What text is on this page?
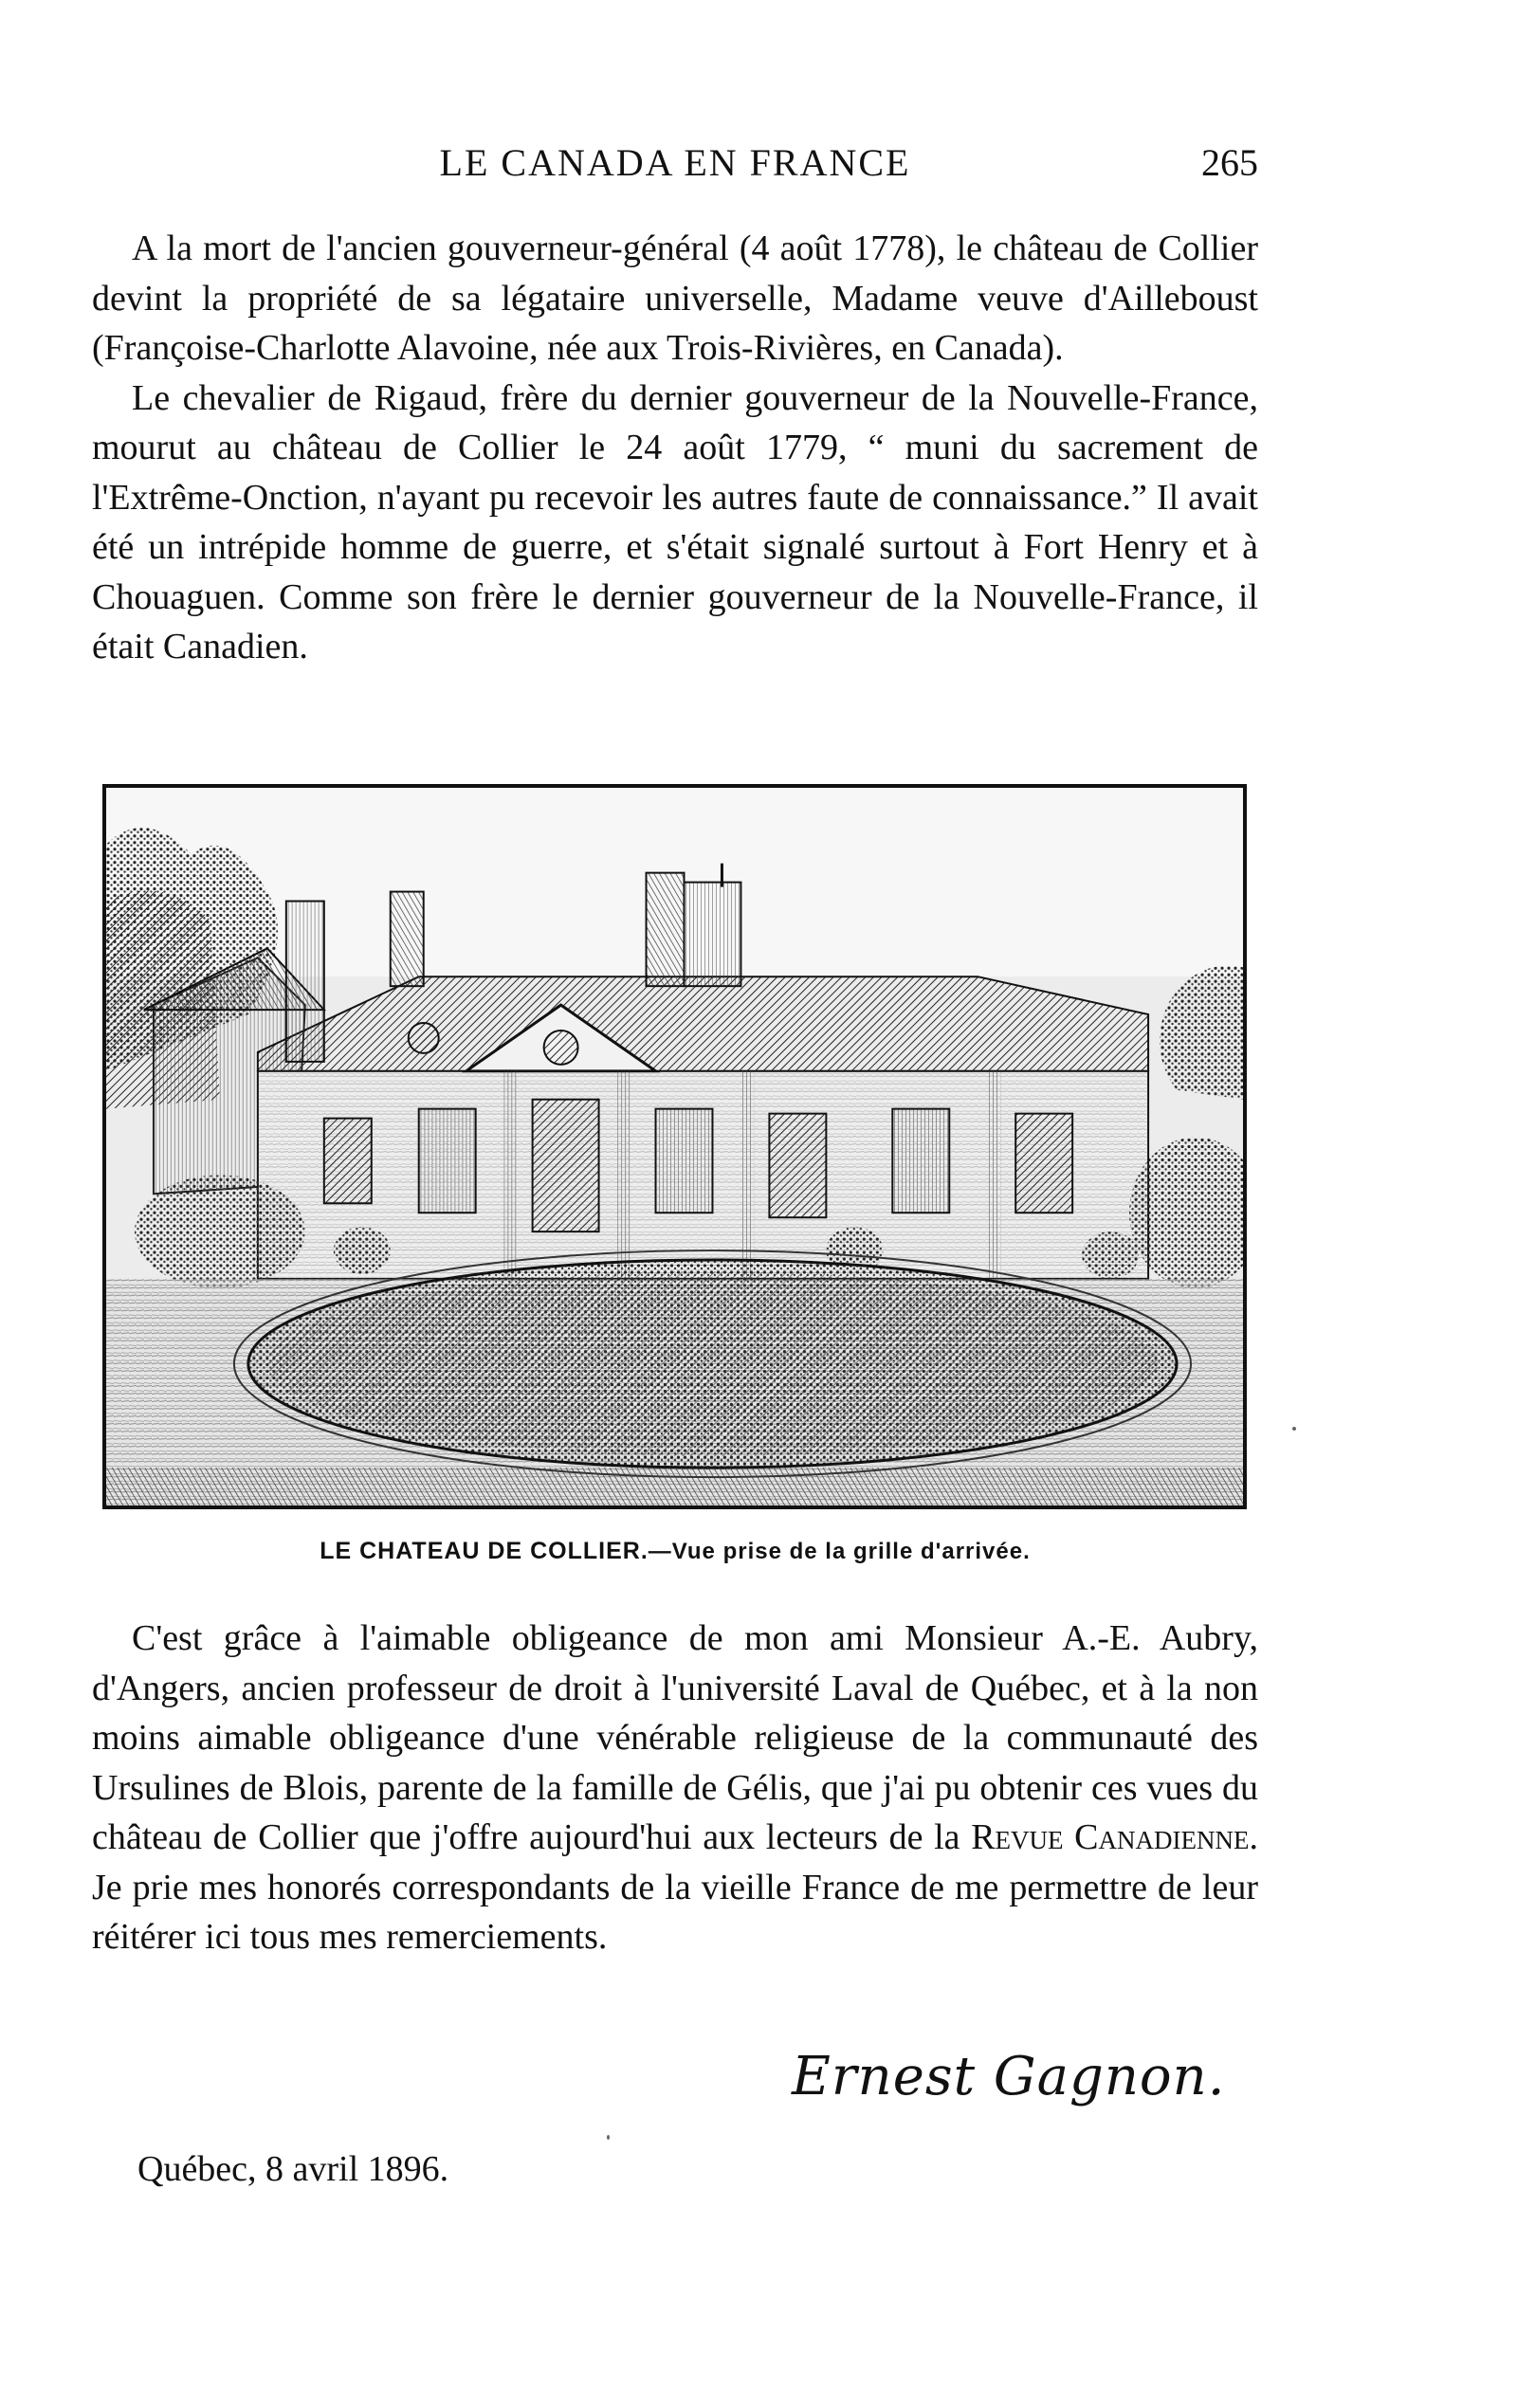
LE CANADA EN FRANCE	265

A la mort de l'ancien gouverneur-général (4 août 1778), le château de Collier devint la propriété de sa légataire universelle, Madame veuve d'Ailleboust (Françoise-Charlotte Alavoine, née aux Trois-Rivières, en Canada).

Le chevalier de Rigaud, frère du dernier gouverneur de la Nouvelle-France, mourut au château de Collier le 24 août 1779, “ muni du sacrement de l'Extrême-Onction, n'ayant pu recevoir les autres faute de connaissance.” Il avait été un intrépide homme de guerre, et s'était signalé surtout à Fort Henry et à Chouaguen. Comme son frère le dernier gouverneur de la Nouvelle-France, il était Canadien.

LE CHATEAU DE COLLIER.—Vue prise de la grille d'arrivée.

C'est grâce à l'aimable obligeance de mon ami Monsieur A.-E. Aubry, d'Angers, ancien professeur de droit à l'université Laval de Québec, et à la non moins aimable obligeance d'une vénérable religieuse de la communauté des Ursulines de Blois, parente de la famille de Gélis, que j'ai pu obtenir ces vues du château de Collier que j'offre aujourd'hui aux lecteurs de la Revue Canadienne. Je prie mes honorés correspondants de la vieille France de me permettre de leur réitérer ici tous mes remerciements.

Ernest Gagnon.
Québec, 8 avril 1896.
